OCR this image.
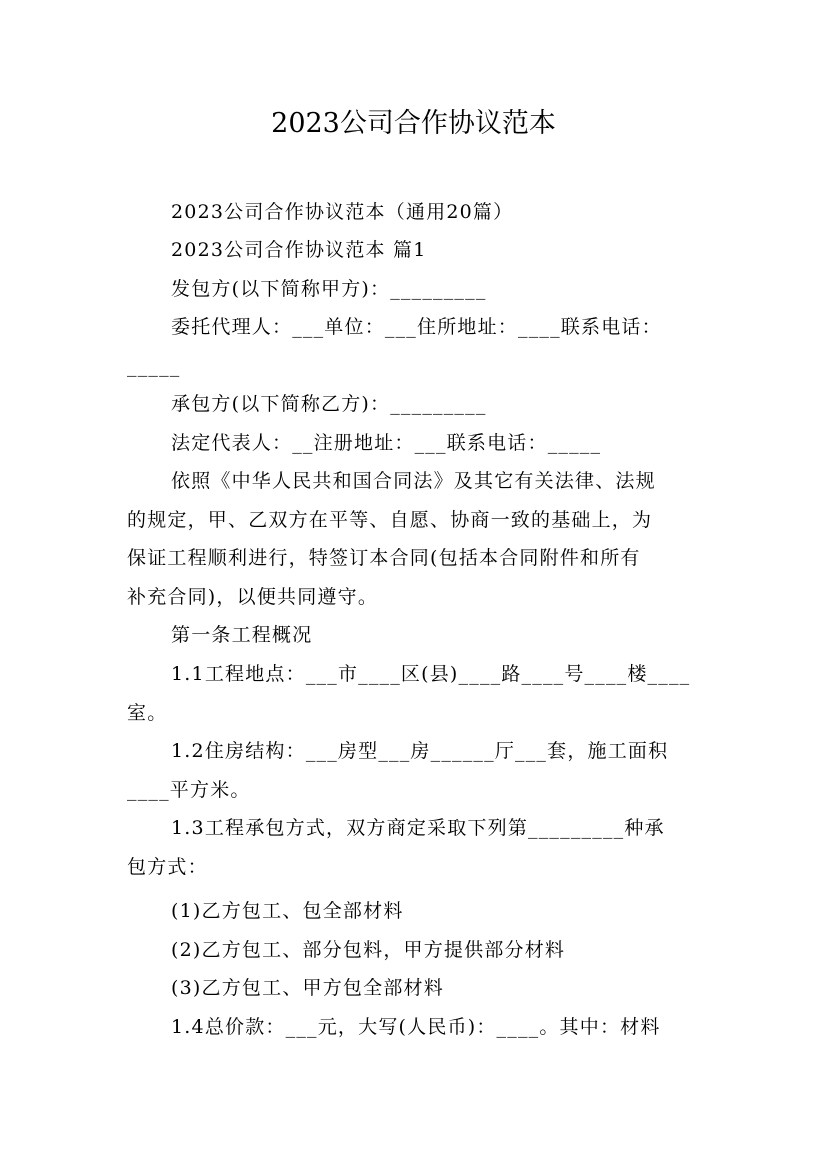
2023公司合作协议范本
2023公司合作协议范本（通用20篇）
2023公司合作协议范本 篇1
发包方(以下简称甲方)：_________
委托代理人：___单位：___住所地址：____联系电话：
_____
承包方(以下简称乙方)：_________
法定代表人：__注册地址：___联系电话：_____
依照《中华人民共和国合同法》及其它有关法律、法规
的规定，甲、乙双方在平等、自愿、协商一致的基础上，为
保证工程顺利进行，特签订本合同(包括本合同附件和所有
补充合同)，以便共同遵守。
第一条工程概况
1.1工程地点：___市____区(县)____路____号____楼____
室。
1.2住房结构：___房型___房______厅___套，施工面积
____平方米。
1.3工程承包方式，双方商定采取下列第_________种承
包方式：
(1)乙方包工、包全部材料
(2)乙方包工、部分包料，甲方提供部分材料
(3)乙方包工、甲方包全部材料
1.4总价款：___元，大写(人民币)：____。其中：材料
